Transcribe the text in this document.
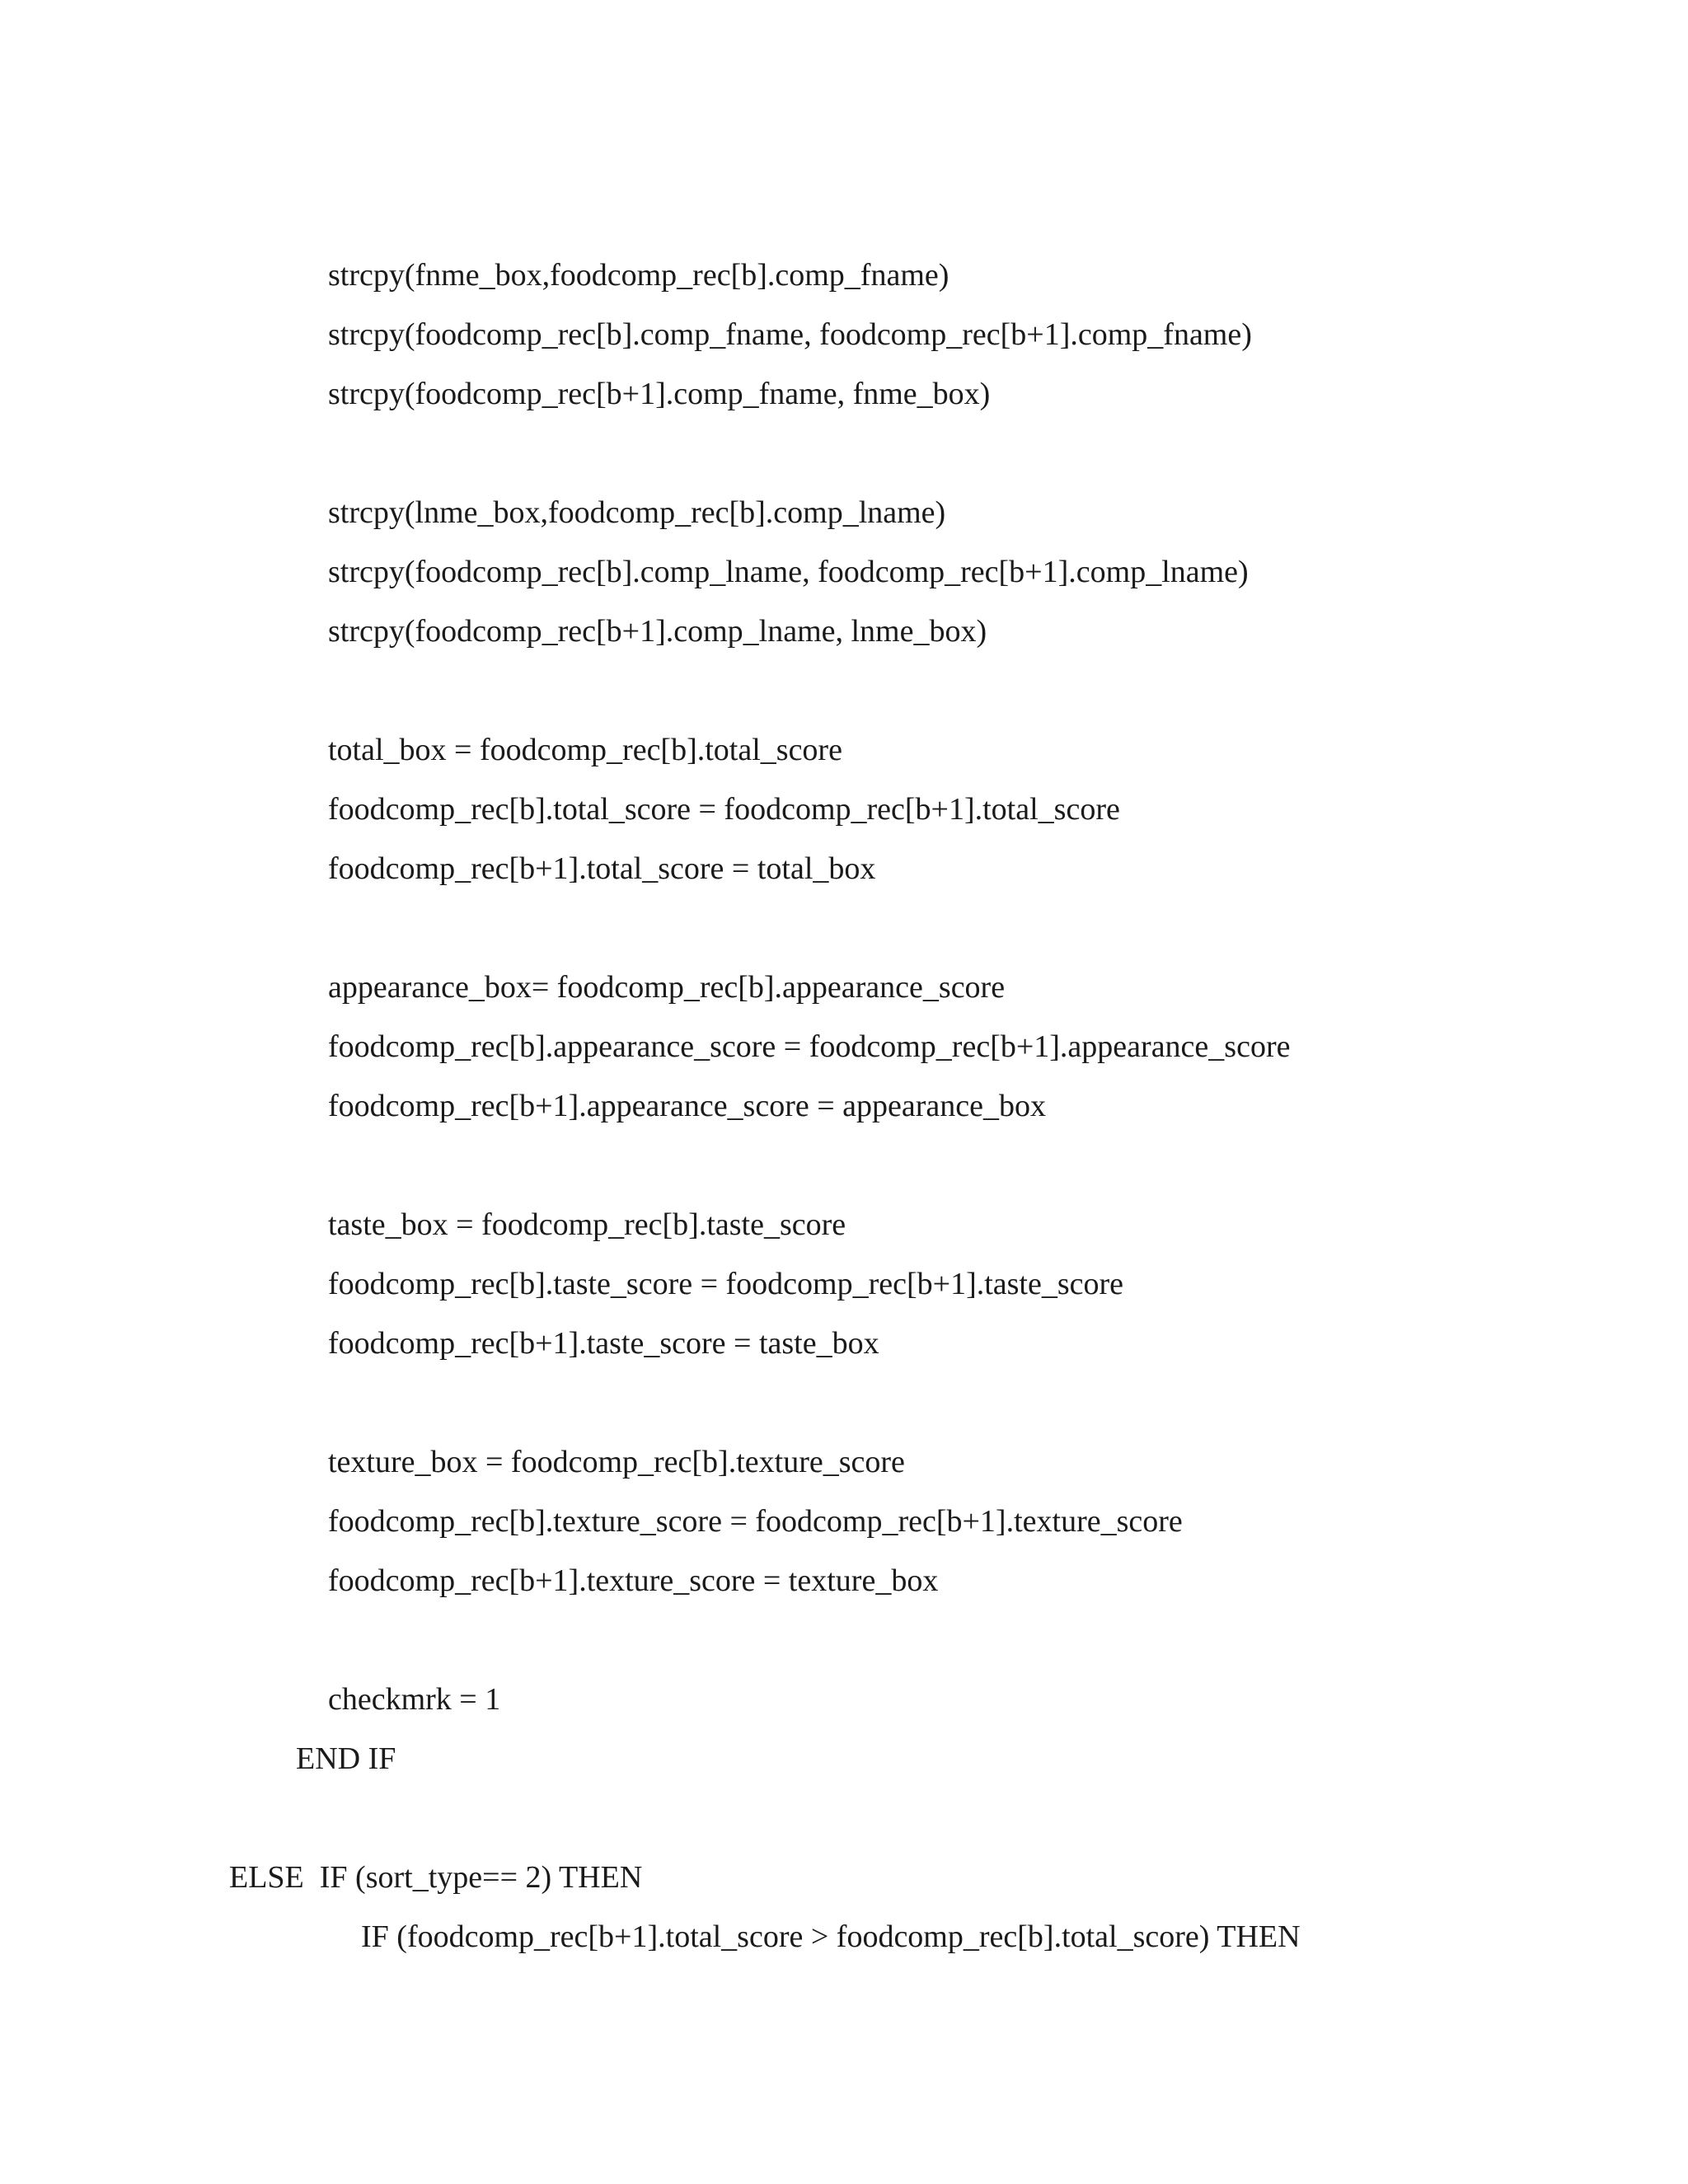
strcpy(fnme_box,foodcomp_rec[b].comp_fname)
strcpy(foodcomp_rec[b].comp_fname, foodcomp_rec[b+1].comp_fname)
strcpy(foodcomp_rec[b+1].comp_fname, fnme_box)
strcpy(lnme_box,foodcomp_rec[b].comp_lname)
strcpy(foodcomp_rec[b].comp_lname, foodcomp_rec[b+1].comp_lname)
strcpy(foodcomp_rec[b+1].comp_lname, lnme_box)
total_box = foodcomp_rec[b].total_score
foodcomp_rec[b].total_score = foodcomp_rec[b+1].total_score
foodcomp_rec[b+1].total_score = total_box
appearance_box= foodcomp_rec[b].appearance_score
foodcomp_rec[b].appearance_score = foodcomp_rec[b+1].appearance_score
foodcomp_rec[b+1].appearance_score = appearance_box
taste_box = foodcomp_rec[b].taste_score
foodcomp_rec[b].taste_score = foodcomp_rec[b+1].taste_score
foodcomp_rec[b+1].taste_score = taste_box
texture_box = foodcomp_rec[b].texture_score
foodcomp_rec[b].texture_score = foodcomp_rec[b+1].texture_score
foodcomp_rec[b+1].texture_score = texture_box
checkmrk = 1
END IF
ELSE  IF (sort_type== 2) THEN
IF (foodcomp_rec[b+1].total_score > foodcomp_rec[b].total_score) THEN
